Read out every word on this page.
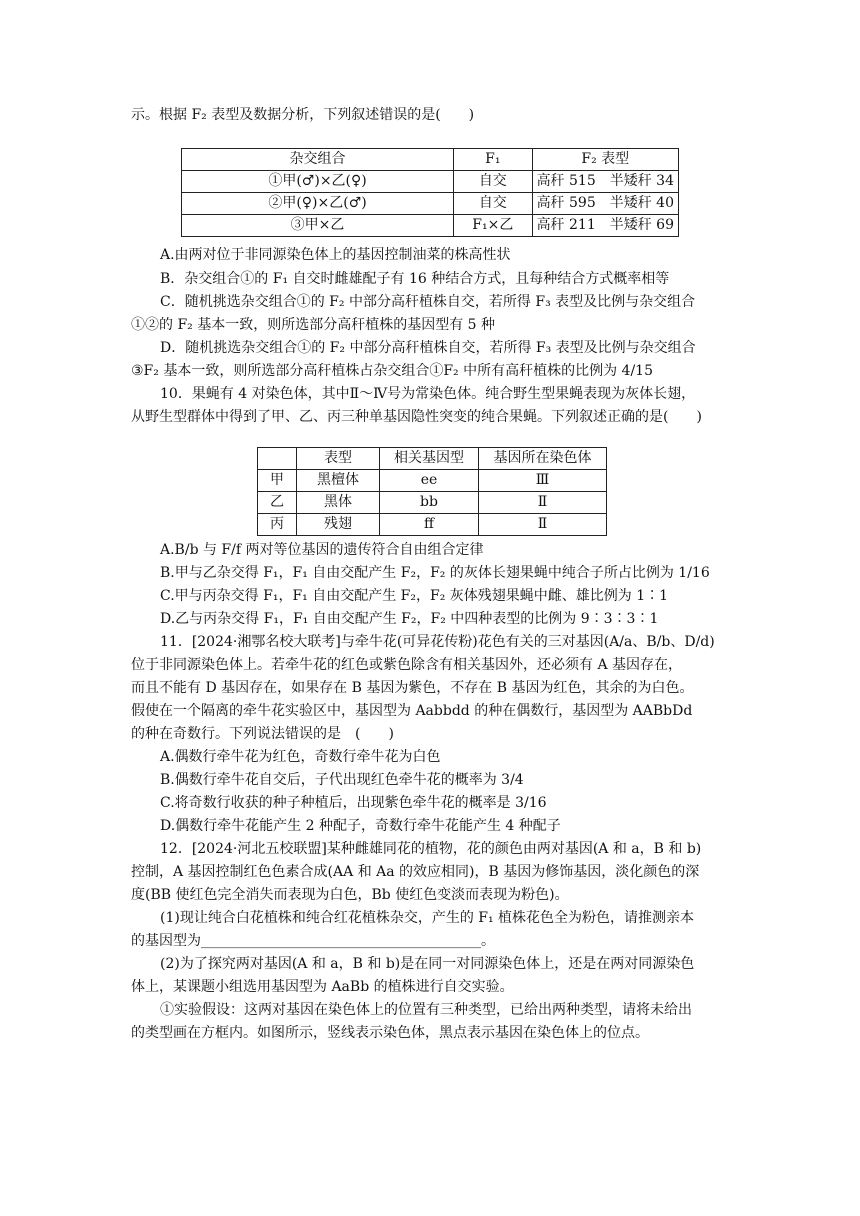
示。根据 F₂ 表型及数据分析，下列叙述错误的是(　　)
杂交组合	F₁	F₂ 表型
①甲(♂)×乙(♀)	自交	高秆 515　半矮秆 34
②甲(♀)×乙(♂)	自交	高秆 595　半矮秆 40
③甲×乙	F₁×乙	高秆 211　半矮秆 69
A.由两对位于非同源染色体上的基因控制油菜的株高性状
B．杂交组合①的 F₁ 自交时雌雄配子有 16 种结合方式，且每种结合方式概率相等
C．随机挑选杂交组合①的 F₂ 中部分高秆植株自交，若所得 F₃ 表型及比例与杂交组合
①②的 F₂ 基本一致，则所选部分高秆植株的基因型有 5 种
D．随机挑选杂交组合①的 F₂ 中部分高秆植株自交，若所得 F₃ 表型及比例与杂交组合
③F₂ 基本一致，则所选部分高秆植株占杂交组合①F₂ 中所有高秆植株的比例为 4/15
10．果蝇有 4 对染色体，其中Ⅱ～Ⅳ号为常染色体。纯合野生型果蝇表现为灰体长翅，
从野生型群体中得到了甲、乙、丙三种单基因隐性突变的纯合果蝇。下列叙述正确的是(　　)
	表型	相关基因型	基因所在染色体
甲	黑檀体	ee	Ⅲ
乙	黑体	bb	Ⅱ
丙	残翅	ff	Ⅱ
A.B/b 与 F/f 两对等位基因的遗传符合自由组合定律
B.甲与乙杂交得 F₁，F₁ 自由交配产生 F₂，F₂ 的灰体长翅果蝇中纯合子所占比例为 1/16
C.甲与丙杂交得 F₁，F₁ 自由交配产生 F₂，F₂ 灰体残翅果蝇中雌、雄比例为 1∶1
D.乙与丙杂交得 F₁，F₁ 自由交配产生 F₂，F₂ 中四种表型的比例为 9∶3∶3∶1
11．[2024·湘鄂名校大联考]与牵牛花(可异花传粉)花色有关的三对基因(A/a、B/b、D/d)
位于非同源染色体上。若牵牛花的红色或紫色除含有相关基因外，还必须有 A 基因存在，
而且不能有 D 基因存在，如果存在 B 基因为紫色，不存在 B 基因为红色，其余的为白色。
假使在一个隔离的牵牛花实验区中，基因型为 Aabbdd 的种在偶数行，基因型为 AABbDd
的种在奇数行。下列说法错误的是　(　　)
A.偶数行牵牛花为红色，奇数行牵牛花为白色
B.偶数行牵牛花自交后，子代出现红色牵牛花的概率为 3/4
C.将奇数行收获的种子种植后，出现紫色牵牛花的概率是 3/16
D.偶数行牵牛花能产生 2 种配子，奇数行牵牛花能产生 4 种配子
12．[2024·河北五校联盟]某种雌雄同花的植物，花的颜色由两对基因(A 和 a，B 和 b)
控制，A 基因控制红色色素合成(AA 和 Aa 的效应相同)，B 基因为修饰基因，淡化颜色的深
度(BB 使红色完全消失而表现为白色，Bb 使红色变淡而表现为粉色)。
(1)现让纯合白花植株和纯合红花植株杂交，产生的 F₁ 植株花色全为粉色，请推测亲本
的基因型为________________________________________。
(2)为了探究两对基因(A 和 a，B 和 b)是在同一对同源染色体上，还是在两对同源染色
体上，某课题小组选用基因型为 AaBb 的植株进行自交实验。
①实验假设：这两对基因在染色体上的位置有三种类型，已给出两种类型，请将未给出
的类型画在方框内。如图所示，竖线表示染色体，黑点表示基因在染色体上的位点。
